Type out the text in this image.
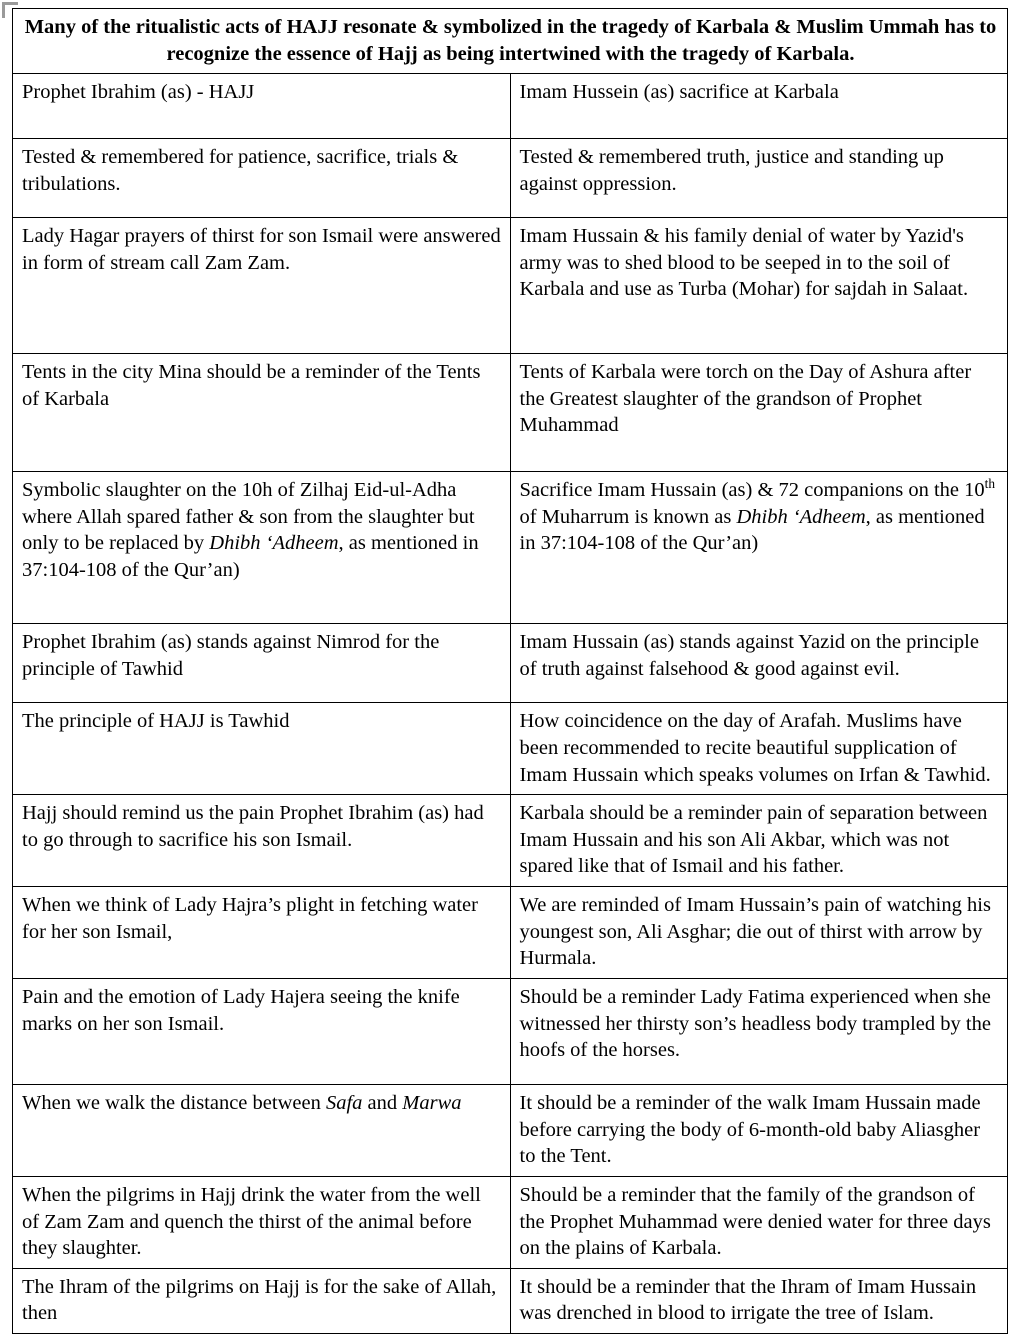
Many of the ritualistic acts of HAJJ resonate & symbolized in the tragedy of Karbala & Muslim Ummah has to recognize the essence of Hajj as being intertwined with the tragedy of Karbala.	
Prophet Ibrahim (as) - HAJJ	Imam Hussein (as) sacrifice at Karbala

Tested & remembered for patience, sacrifice, trials & tribulations.	Tested & remembered truth, justice and standing up against oppression.

Lady Hagar prayers of thirst for son Ismail were answered in form of stream call Zam Zam.	Imam Hussain & his family denial of water by Yazid's army was to shed blood to be seeped in to the soil of Karbala and use as Turba (Mohar) for sajdah in Salaat.

Tents in the city Mina should be a reminder of the Tents of Karbala	Tents of Karbala were torch on the Day of Ashura after the Greatest slaughter of the grandson of Prophet Muhammad

Symbolic slaughter on the 10h of Zilhaj Eid-ul-Adha where Allah spared father & son from the slaughter but only to be replaced by Dhibh ‘Adheem, as mentioned in 37:104-108 of the Qur’an)	Sacrifice Imam Hussain (as) & 72 companions on the 10th of Muharrum is known as Dhibh ‘Adheem, as mentioned in 37:104-108 of the Qur’an)

Prophet Ibrahim (as) stands against Nimrod for the principle of Tawhid	Imam Hussain (as) stands against Yazid on the principle of truth against falsehood & good against evil.

The principle of HAJJ is Tawhid	How coincidence on the day of Arafah. Muslims have been recommended to recite beautiful supplication of Imam Hussain which speaks volumes on Irfan & Tawhid.
Hajj should remind us the pain Prophet Ibrahim (as) had to go through to sacrifice his son Ismail.	Karbala should be a reminder pain of separation between Imam Hussain and his son Ali Akbar, which was not spared like that of Ismail and his father.
When we think of Lady Hajra’s plight in fetching water for her son Ismail,	We are reminded of Imam Hussain’s pain of watching his youngest son, Ali Asghar; die out of thirst with arrow by Hurmala.
Pain and the emotion of Lady Hajera seeing the knife marks on her son Ismail.	Should be a reminder Lady Fatima experienced when she witnessed her thirsty son’s headless body trampled by the hoofs of the horses.

When we walk the distance between Safa and Marwa	It should be a reminder of the walk Imam Hussain made before carrying the body of 6-month-old baby Aliasgher to the Tent.
When the pilgrims in Hajj drink the water from the well of Zam Zam and quench the thirst of the animal before they slaughter.	Should be a reminder that the family of the grandson of the Prophet Muhammad were denied water for three days on the plains of Karbala.
The Ihram of the pilgrims on Hajj is for the sake of Allah, then	It should be a reminder that the Ihram of Imam Hussain was drenched in blood to irrigate the tree of Islam.
